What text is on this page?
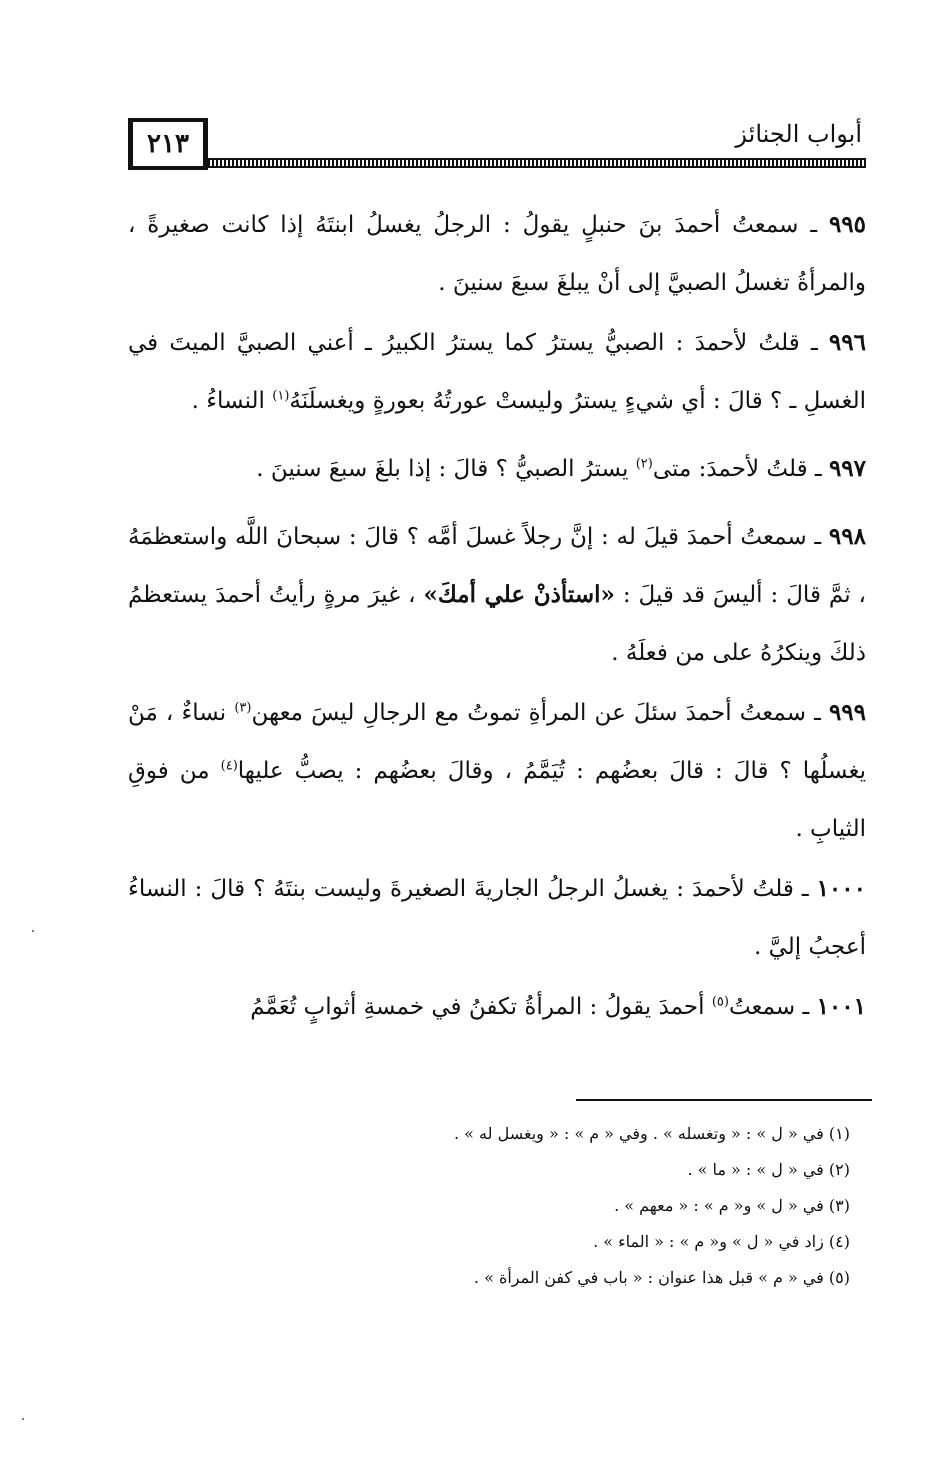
٢١٣	أبواب الجنائز

٩٩٥ ـ سمعتُ أحمدَ بنَ حنبلٍ يقولُ : الرجلُ يغسلُ ابنتَهُ إذا كانت صغيرةً ، والمرأةُ تغسلُ الصبيَّ إلى أنْ يبلغَ سبعَ سنينَ .

٩٩٦ ـ قلتُ لأحمدَ : الصبيُّ يسترُ كما يسترُ الكبيرُ ـ أعني الصبيَّ الميتَ في الغسلِ ـ ؟ قالَ : أي شيءٍ يسترُ وليستْ عورتُهُ بعورةٍ ويغسلَنَهُ$^{(١)}$ النساءُ .

٩٩٧ ـ قلتُ لأحمدَ: متى$^{(٢)}$ يسترُ الصبيُّ ؟ قالَ : إذا بلغَ سبعَ سنينَ .

٩٩٨ ـ سمعتُ أحمدَ قيلَ له : إنَّ رجلاً غسلَ أمَّه ؟ قالَ : سبحانَ اللَّه واستعظمَهُ ، ثمَّ قالَ : أليسَ قد قيلَ : «استأذنْ علي أمكَ» ، غيرَ مرةٍ رأيتُ أحمدَ يستعظمُ ذلكَ وينكرُهُ على من فعلَهُ .

٩٩٩ ـ سمعتُ أحمدَ سئلَ عن المرأةِ تموتُ مع الرجالِ ليسَ معهن$^{(٣)}$ نساءٌ ، مَنْ يغسلُها ؟ قالَ : قالَ بعضُهم : تُيَمَّمُ ، وقالَ بعضُهم : يصبُّ عليها$^{(٤)}$ من فوقِ الثيابِ .

١٠٠٠ ـ قلتُ لأحمدَ : يغسلُ الرجلُ الجاريةَ الصغيرةَ وليست بنتَهُ ؟ قالَ : النساءُ أعجبُ إليَّ .

١٠٠١ ـ سمعتُ$^{(٥)}$ أحمدَ يقولُ : المرأةُ تكفنُ في خمسةِ أثوابٍ تُعَمَّمُ

(١) في « ل » : « وتغسله » . وفي « م » : « ويغسل له » .

(٢) في « ل » : « ما » .

(٣) في « ل » و« م » : « معهم » .

(٤) زاد في « ل » و« م » : « الماء » .

(٥) في « م » قبل هذا عنوان : « باب في كفن المرأة » .
